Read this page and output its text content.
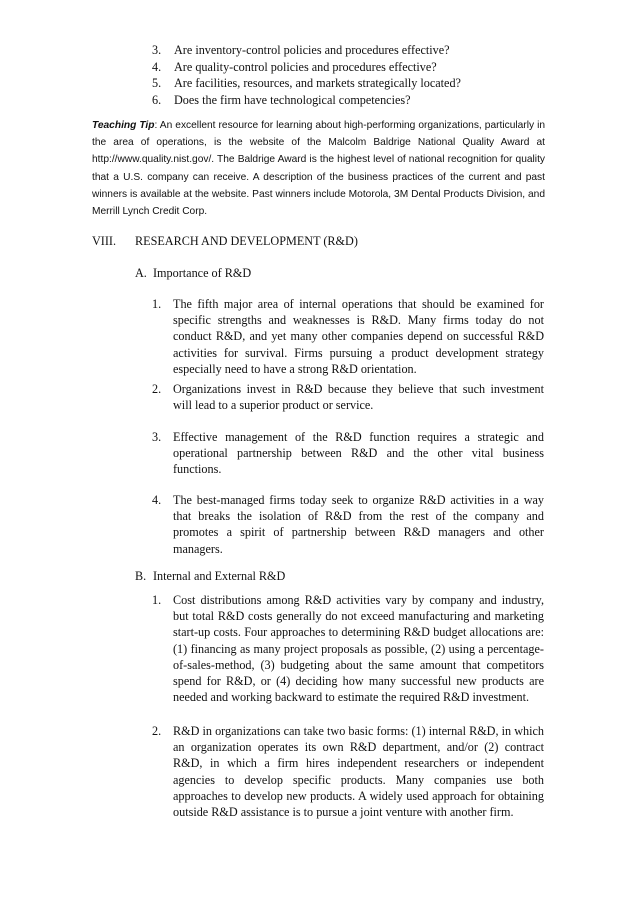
3.	Are inventory-control policies and procedures effective?
4.	Are quality-control policies and procedures effective?
5.	Are facilities, resources, and markets strategically located?
6.	Does the firm have technological competencies?
Teaching Tip: An excellent resource for learning about high-performing organizations, particularly in the area of operations, is the website of the Malcolm Baldrige National Quality Award at http://www.quality.nist.gov/. The Baldrige Award is the highest level of national recognition for quality that a U.S. company can receive. A description of the business practices of the current and past winners is available at the website. Past winners include Motorola, 3M Dental Products Division, and Merrill Lynch Credit Corp.
VIII.	RESEARCH AND DEVELOPMENT (R&D)
A. Importance of R&D
1. The fifth major area of internal operations that should be examined for specific strengths and weaknesses is R&D. Many firms today do not conduct R&D, and yet many other companies depend on successful R&D activities for survival. Firms pursuing a product development strategy especially need to have a strong R&D orientation.
2. Organizations invest in R&D because they believe that such investment will lead to a superior product or service.
3. Effective management of the R&D function requires a strategic and operational partnership between R&D and the other vital business functions.
4. The best-managed firms today seek to organize R&D activities in a way that breaks the isolation of R&D from the rest of the company and promotes a spirit of partnership between R&D managers and other managers.
B. Internal and External R&D
1. Cost distributions among R&D activities vary by company and industry, but total R&D costs generally do not exceed manufacturing and marketing start-up costs. Four approaches to determining R&D budget allocations are: (1) financing as many project proposals as possible, (2) using a percentage-of-sales-method, (3) budgeting about the same amount that competitors spend for R&D, or (4) deciding how many successful new products are needed and working backward to estimate the required R&D investment.
2. R&D in organizations can take two basic forms: (1) internal R&D, in which an organization operates its own R&D department, and/or (2) contract R&D, in which a firm hires independent researchers or independent agencies to develop specific products. Many companies use both approaches to develop new products. A widely used approach for obtaining outside R&D assistance is to pursue a joint venture with another firm.
